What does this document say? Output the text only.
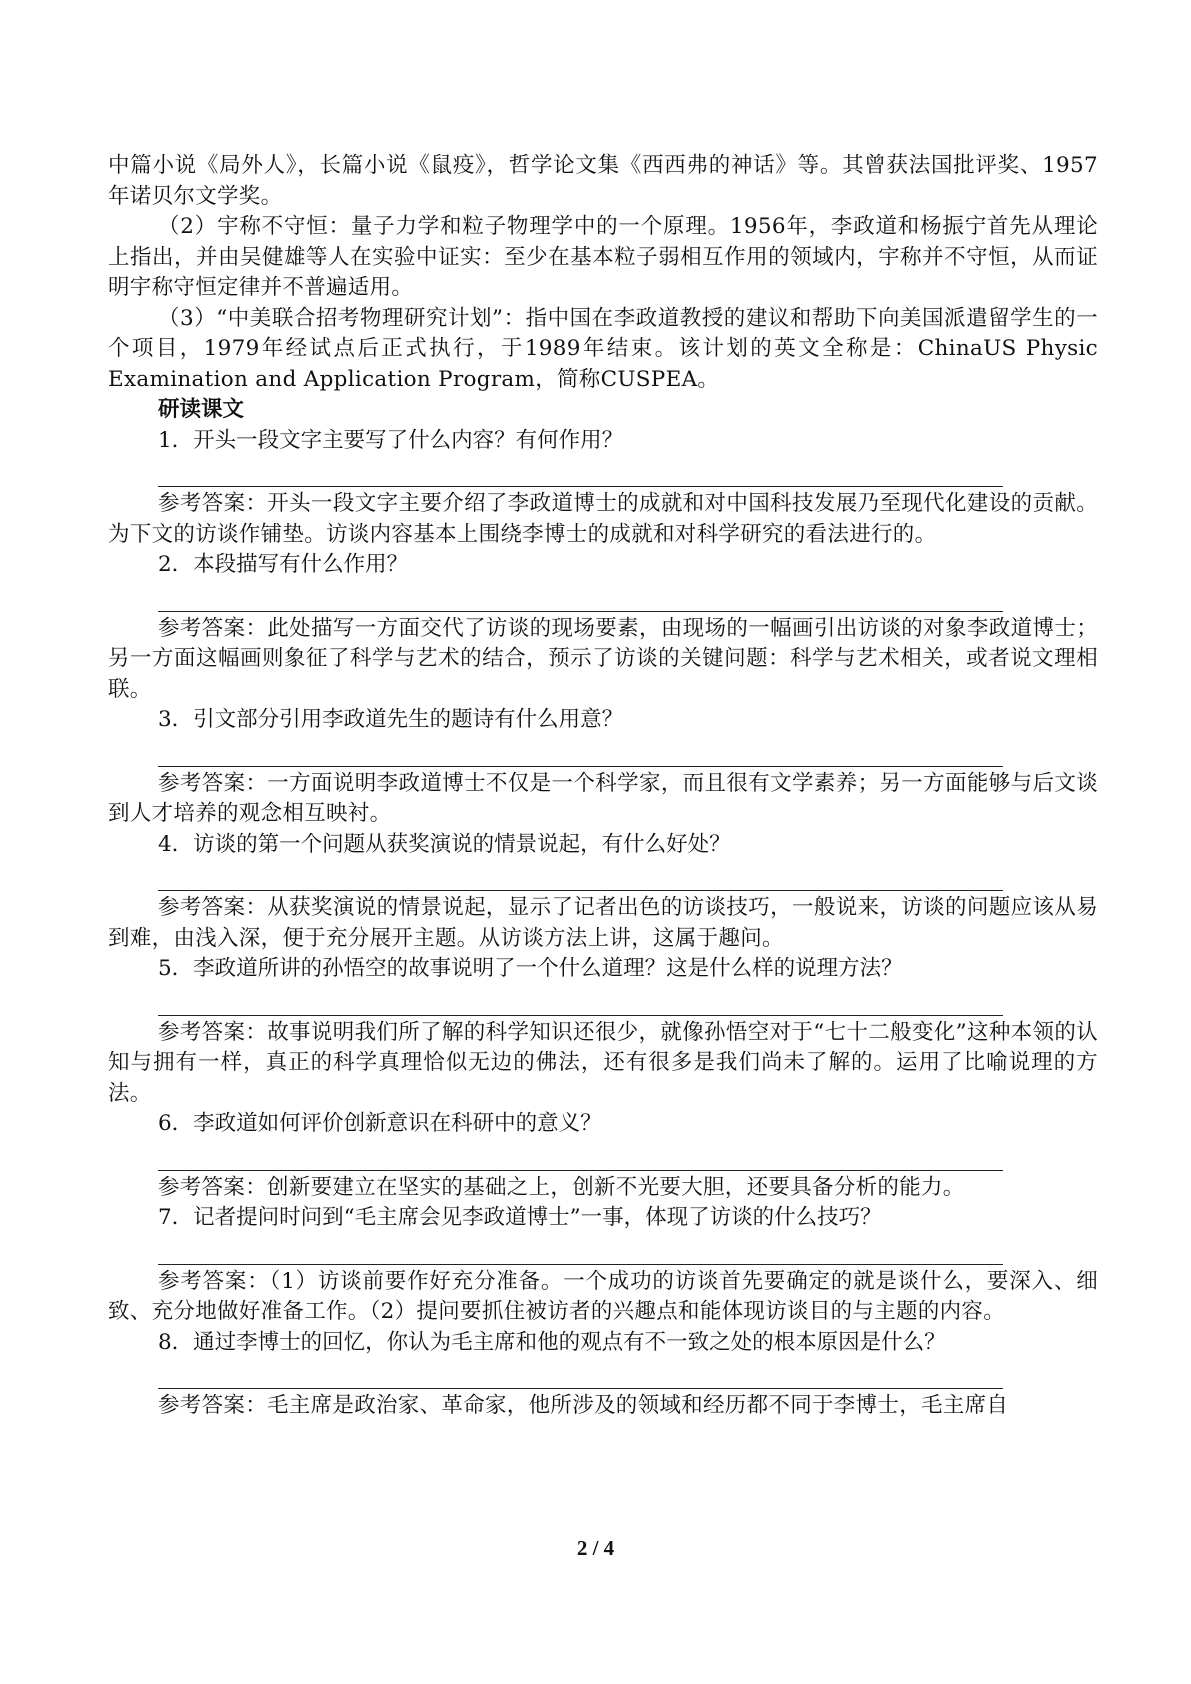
中篇小说《局外人》，长篇小说《鼠疫》，哲学论文集《西西弗的神话》等。其曾获法国批评奖、1957年诺贝尔文学奖。

（2）宇称不守恒：量子力学和粒子物理学中的一个原理。1956年，李政道和杨振宁首先从理论上指出，并由吴健雄等人在实验中证实：至少在基本粒子弱相互作用的领域内，宇称并不守恒，从而证明宇称守恒定律并不普遍适用。

（3）“中美联合招考物理研究计划”：指中国在李政道教授的建议和帮助下向美国派遣留学生的一个项目，1979年经试点后正式执行，于1989年结束。该计划的英文全称是：ChinaUS Physic Examination and Application Program，简称CUSPEA。

研读课文

1．开头一段文字主要写了什么内容？有何作用？

参考答案：开头一段文字主要介绍了李政道博士的成就和对中国科技发展乃至现代化建设的贡献。为下文的访谈作铺垫。访谈内容基本上围绕李博士的成就和对科学研究的看法进行的。

2．本段描写有什么作用？

参考答案：此处描写一方面交代了访谈的现场要素，由现场的一幅画引出访谈的对象李政道博士；另一方面这幅画则象征了科学与艺术的结合，预示了访谈的关键问题：科学与艺术相关，或者说文理相联。

3．引文部分引用李政道先生的题诗有什么用意？

参考答案：一方面说明李政道博士不仅是一个科学家，而且很有文学素养；另一方面能够与后文谈到人才培养的观念相互映衬。

4．访谈的第一个问题从获奖演说的情景说起，有什么好处？

参考答案：从获奖演说的情景说起，显示了记者出色的访谈技巧，一般说来，访谈的问题应该从易到难，由浅入深，便于充分展开主题。从访谈方法上讲，这属于趣问。

5．李政道所讲的孙悟空的故事说明了一个什么道理？这是什么样的说理方法？

参考答案：故事说明我们所了解的科学知识还很少，就像孙悟空对于“七十二般变化”这种本领的认知与拥有一样，真正的科学真理恰似无边的佛法，还有很多是我们尚未了解的。运用了比喻说理的方法。

6．李政道如何评价创新意识在科研中的意义？

参考答案：创新要建立在坚实的基础之上，创新不光要大胆，还要具备分析的能力。

7．记者提问时问到“毛主席会见李政道博士”一事，体现了访谈的什么技巧？

参考答案：（1）访谈前要作好充分准备。一个成功的访谈首先要确定的就是谈什么，要深入、细致、充分地做好准备工作。（2）提问要抓住被访者的兴趣点和能体现访谈目的与主题的内容。

8．通过李博士的回忆，你认为毛主席和他的观点有不一致之处的根本原因是什么？

参考答案：毛主席是政治家、革命家，他所涉及的领域和经历都不同于李博士，毛主席自

2 / 4
